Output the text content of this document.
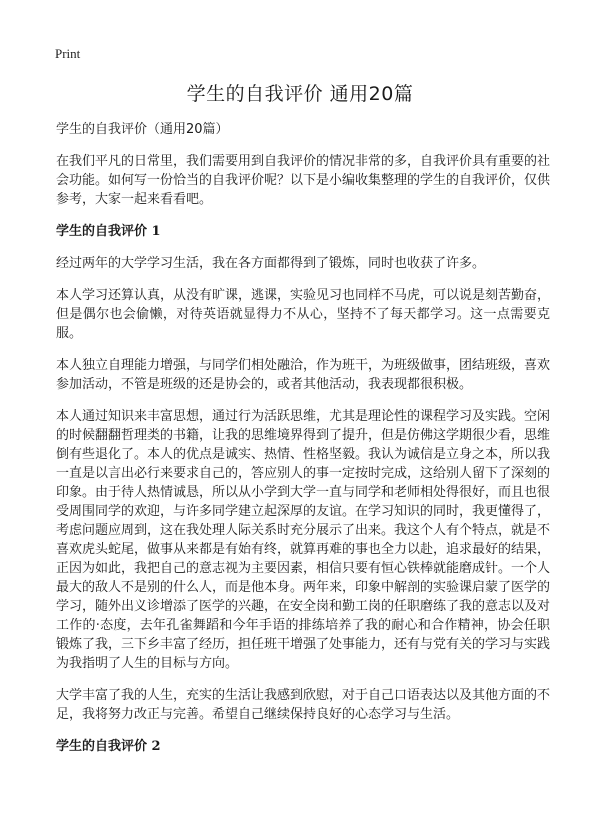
Print
学生的自我评价 通用20篇
学生的自我评价（通用20篇）

在我们平凡的日常里，我们需要用到自我评价的情况非常的多，自我评价具有重要的社会功能。如何写一份恰当的自我评价呢？以下是小编收集整理的学生的自我评价，仅供参考，大家一起来看看吧。

学生的自我评价 1

经过两年的大学学习生活，我在各方面都得到了锻炼，同时也收获了许多。

本人学习还算认真，从没有旷课，逃课，实验见习也同样不马虎，可以说是刻苦勤奋，但是偶尔也会偷懒，对待英语就显得力不从心，坚持不了每天都学习。这一点需要克服。

本人独立自理能力增强，与同学们相处融洽，作为班干，为班级做事，团结班级，喜欢参加活动，不管是班级的还是协会的，或者其他活动，我表现都很积极。

本人通过知识来丰富思想，通过行为活跃思维，尤其是理论性的课程学习及实践。空闲的时候翻翻哲理类的书籍，让我的思维境界得到了提升，但是仿佛这学期很少看，思维倒有些退化了。本人的优点是诚实、热情、性格坚毅。我认为诚信是立身之本，所以我一直是以言出必行来要求自己的，答应别人的事一定按时完成，这给别人留下了深刻的印象。由于待人热情诚恳，所以从小学到大学一直与同学和老师相处得很好，而且也很受周围同学的欢迎，与许多同学建立起深厚的友谊。在学习知识的同时，我更懂得了，考虑问题应周到，这在我处理人际关系时充分展示了出来。我这个人有个特点，就是不喜欢虎头蛇尾，做事从来都是有始有终，就算再难的事也全力以赴，追求最好的结果，正因为如此，我把自己的意志视为主要因素，相信只要有恒心铁棒就能磨成针。一个人最大的敌人不是别的什么人，而是他本身。两年来，印象中解剖的实验课启蒙了医学的学习，随外出义诊增添了医学的兴趣，在安全岗和勤工岗的任职磨练了我的意志以及对工作的·态度，去年孔雀舞蹈和今年手语的排练培养了我的耐心和合作精神，协会任职锻炼了我，三下乡丰富了经历，担任班干增强了处事能力，还有与党有关的学习与实践为我指明了人生的目标与方向。

大学丰富了我的人生，充实的生活让我感到欣慰，对于自己口语表达以及其他方面的不足，我将努力改正与完善。希望自己继续保持良好的心态学习与生活。

学生的自我评价 2
